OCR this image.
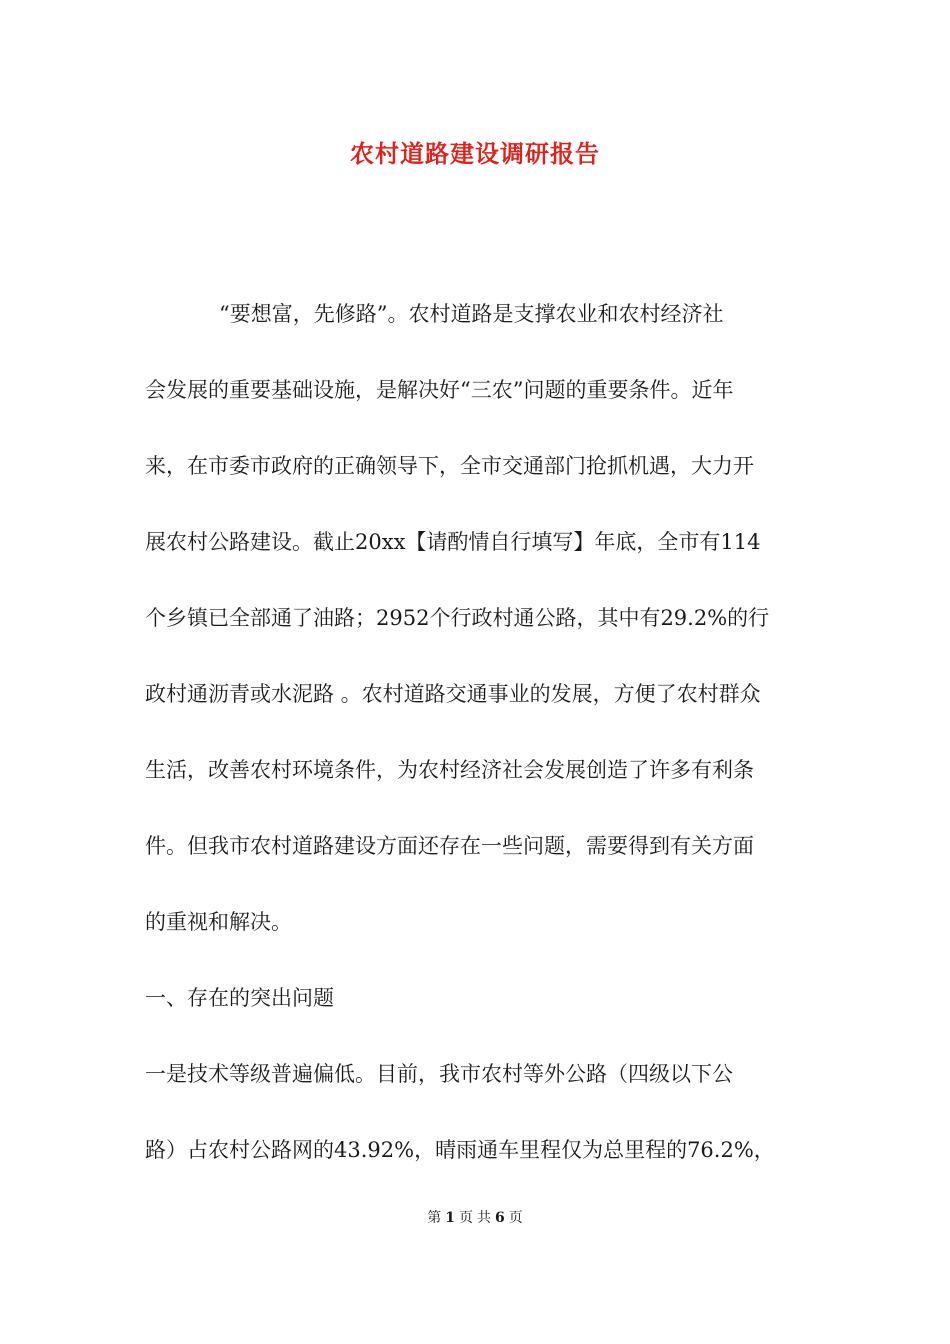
农村道路建设调研报告
“要想富，先修路”。农村道路是支撑农业和农村经济社
会发展的重要基础设施，是解决好“三农”问题的重要条件。近年
来，在市委市政府的正确领导下，全市交通部门抢抓机遇，大力开
展农村公路建设。截止20xx【请酌情自行填写】年底，全市有114
个乡镇已全部通了油路；2952个行政村通公路，其中有29.2%的行
政村通沥青或水泥路 。农村道路交通事业的发展，方便了农村群众
生活，改善农村环境条件，为农村经济社会发展创造了许多有利条
件。但我市农村道路建设方面还存在一些问题，需要得到有关方面
的重视和解决。
一、存在的突出问题
一是技术等级普遍偏低。目前，我市农村等外公路（四级以下公
路）占农村公路网的43.92%，晴雨通车里程仅为总里程的76.2%，
第 1 页 共 6 页
